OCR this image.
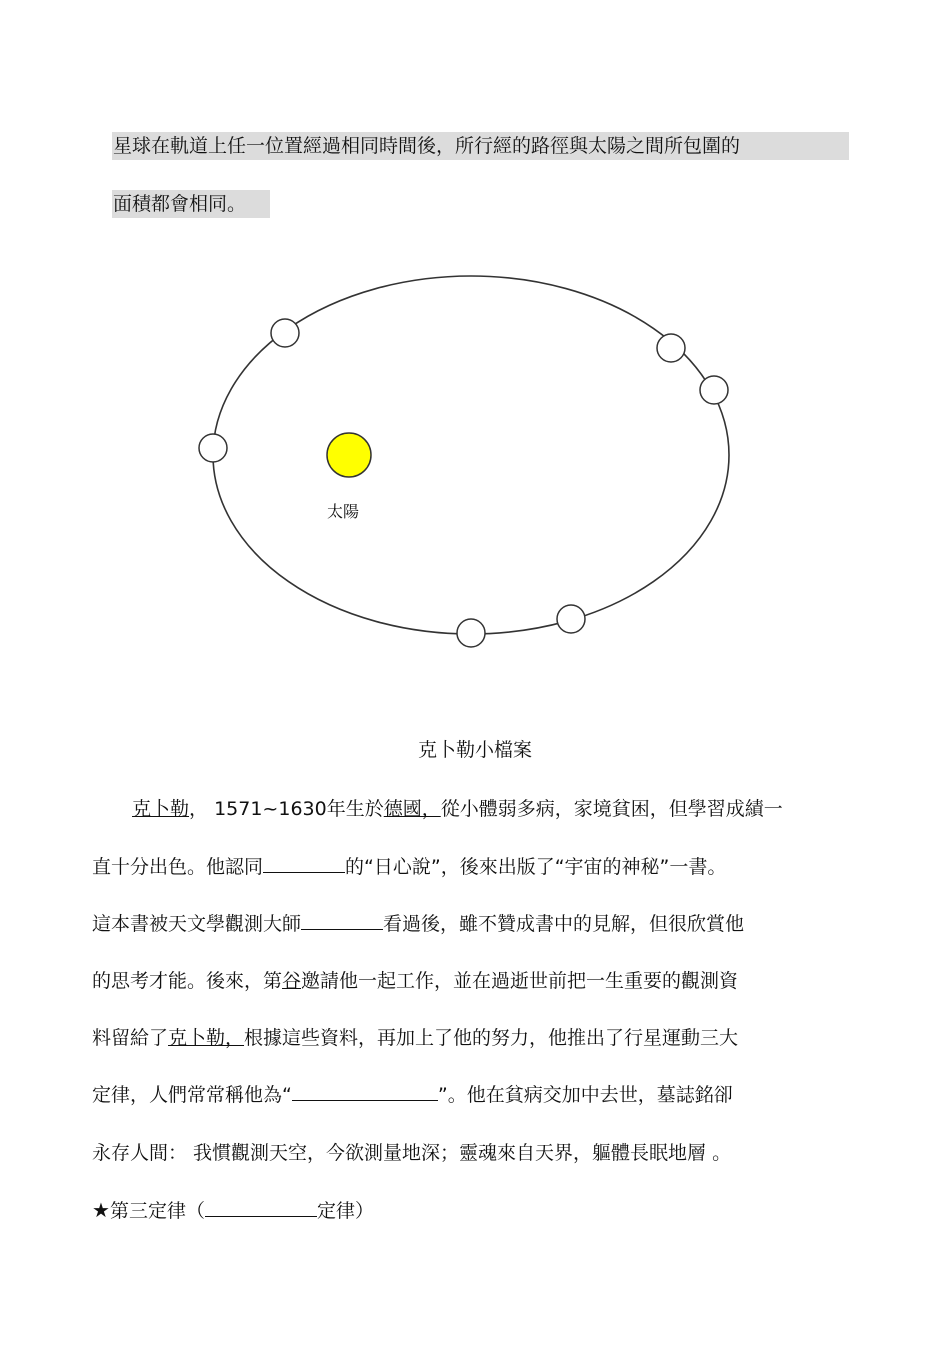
星球在軌道上任一位置經過相同時間後，所行經的路徑與太陽之間所包圍的
面積都會相同。
太陽
克卜勒小檔案
克卜勒， 1571~1630年生於德國，從小體弱多病，家境貧困，但學習成績一
直十分出色。他認同	的“日心說”，後來出版了“宇宙的神秘”一書。
這本書被天文學觀測大師	看過後，雖不贊成書中的見解，但很欣賞他
的思考才能。後來，第谷邀請他一起工作，並在過逝世前把一生重要的觀測資
料留給了克卜勒，根據這些資料，再加上了他的努力，他推出了行星運動三大
定律，人們常常稱他為“	”。他在貧病交加中去世，墓誌銘卻
永存人間： 我慣觀測天空，今欲測量地深；靈魂來自天界，軀體長眠地層 。
★第三定律（	定律）
